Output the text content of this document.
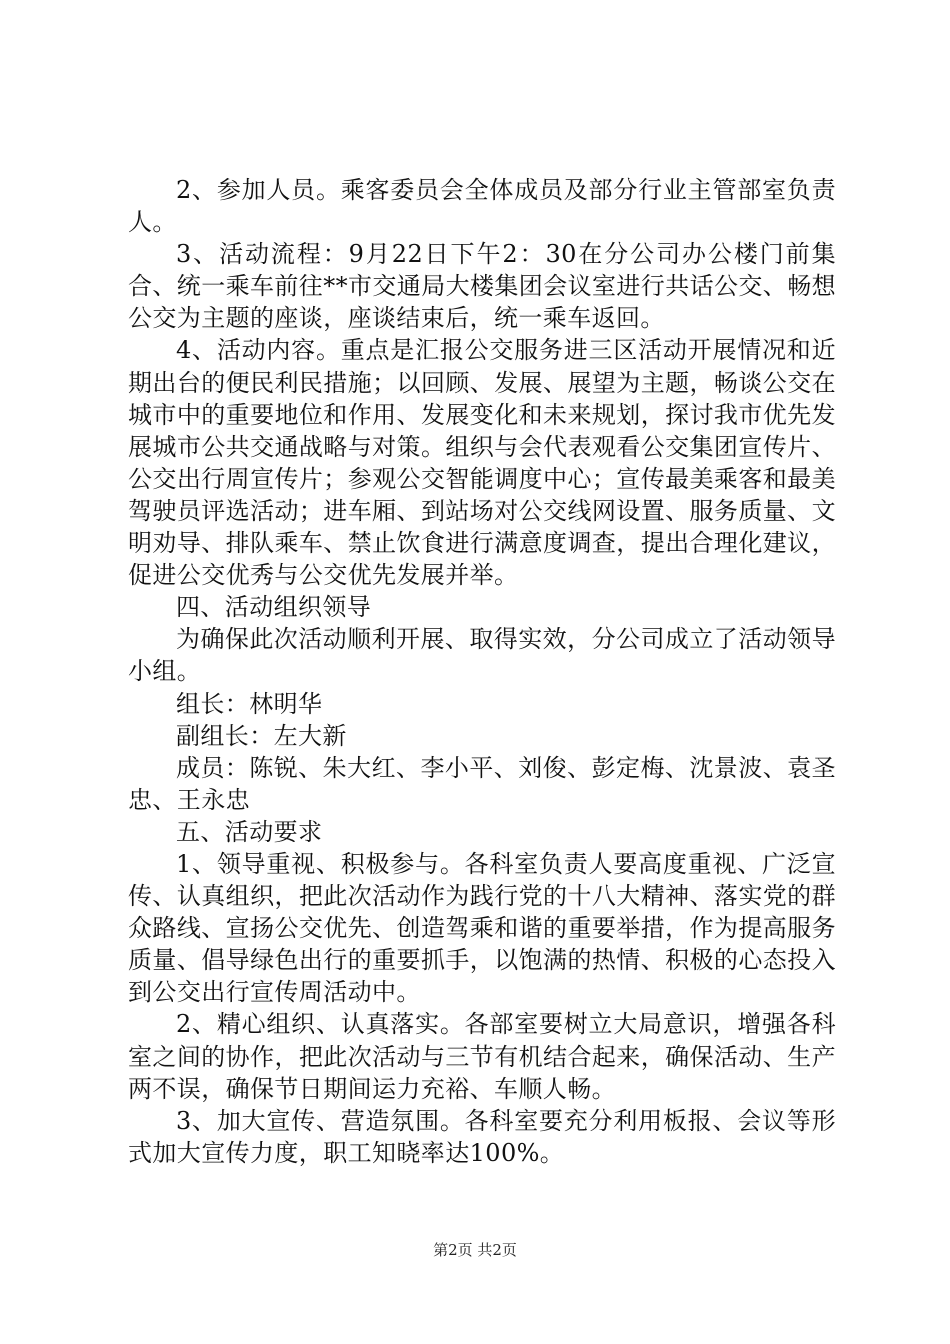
2、参加人员。乘客委员会全体成员及部分行业主管部室负责人。

3、活动流程：9月22日下午2：30在分公司办公楼门前集合、统一乘车前往**市交通局大楼集团会议室进行共话公交、畅想公交为主题的座谈，座谈结束后，统一乘车返回。

4、活动内容。重点是汇报公交服务进三区活动开展情况和近期出台的便民利民措施；以回顾、发展、展望为主题，畅谈公交在城市中的重要地位和作用、发展变化和未来规划，探讨我市优先发展城市公共交通战略与对策。组织与会代表观看公交集团宣传片、公交出行周宣传片；参观公交智能调度中心；宣传最美乘客和最美驾驶员评选活动；进车厢、到站场对公交线网设置、服务质量、文明劝导、排队乘车、禁止饮食进行满意度调查，提出合理化建议，促进公交优秀与公交优先发展并举。

四、活动组织领导

为确保此次活动顺利开展、取得实效，分公司成立了活动领导小组。

组长：林明华

副组长：左大新

成员：陈锐、朱大红、李小平、刘俊、彭定梅、沈景波、袁圣忠、王永忠

五、活动要求

1、领导重视、积极参与。各科室负责人要高度重视、广泛宣传、认真组织，把此次活动作为践行党的十八大精神、落实党的群众路线、宣扬公交优先、创造驾乘和谐的重要举措，作为提高服务质量、倡导绿色出行的重要抓手，以饱满的热情、积极的心态投入到公交出行宣传周活动中。

2、精心组织、认真落实。各部室要树立大局意识，增强各科室之间的协作，把此次活动与三节有机结合起来，确保活动、生产两不误，确保节日期间运力充裕、车顺人畅。

3、加大宣传、营造氛围。各科室要充分利用板报、会议等形式加大宣传力度，职工知晓率达100%。

第2页 共2页
